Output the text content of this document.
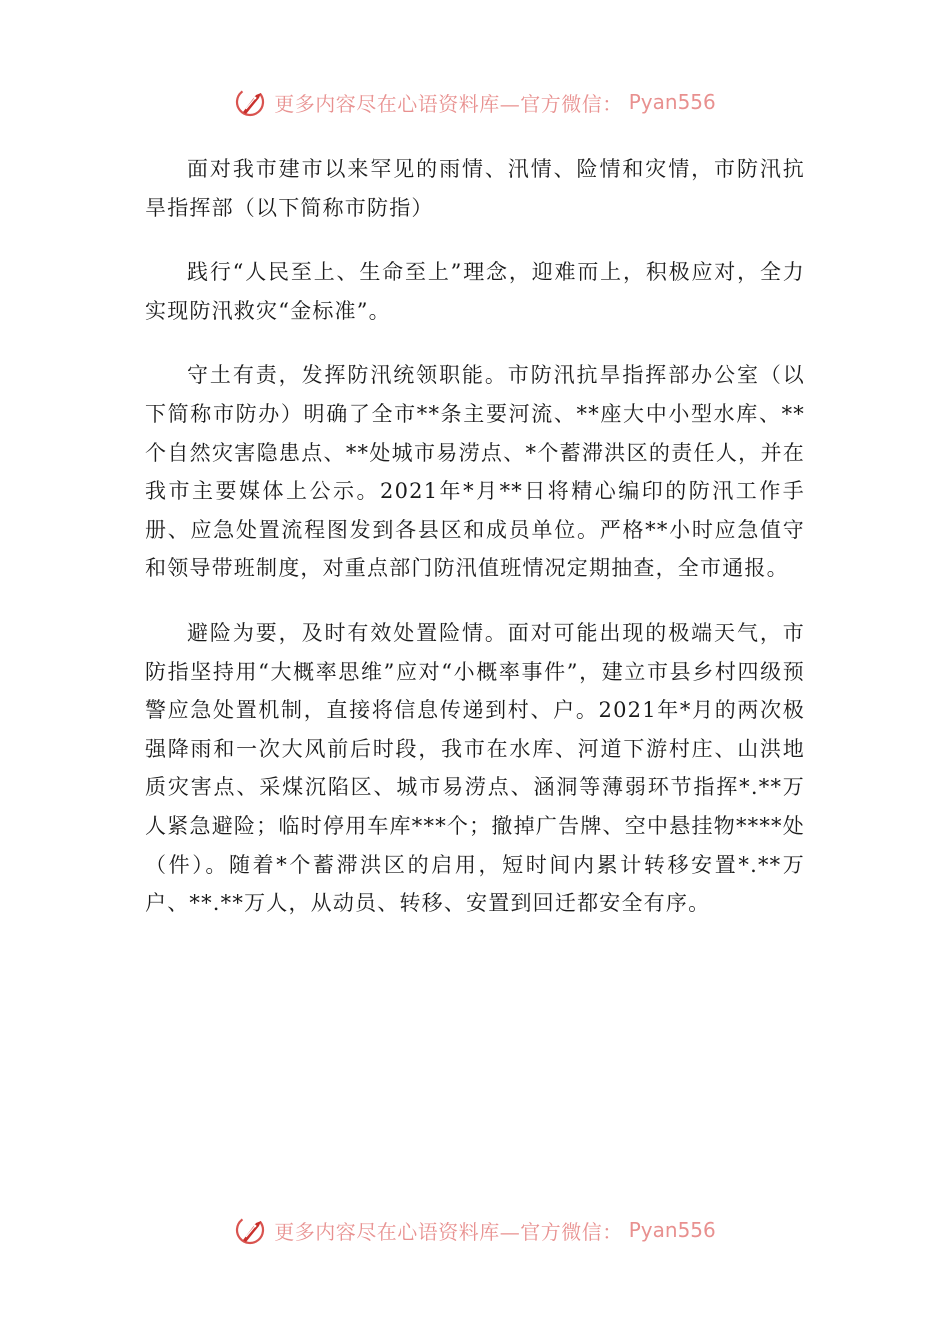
更多内容尽在心语资料库—官方微信： Pyan556

面对我市建市以来罕见的雨情、汛情、险情和灾情，市防汛抗旱指挥部（以下简称市防指）

践行“人民至上、生命至上”理念，迎难而上，积极应对，全力实现防汛救灾“金标准”。

守土有责，发挥防汛统领职能。市防汛抗旱指挥部办公室（以下简称市防办）明确了全市**条主要河流、**座大中小型水库、**个自然灾害隐患点、**处城市易涝点、*个蓄滞洪区的责任人，并在我市主要媒体上公示。2021年*月**日将精心编印的防汛工作手册、应急处置流程图发到各县区和成员单位。严格**小时应急值守和领导带班制度，对重点部门防汛值班情况定期抽查，全市通报。

避险为要，及时有效处置险情。面对可能出现的极端天气，市防指坚持用“大概率思维”应对“小概率事件”，建立市县乡村四级预警应急处置机制，直接将信息传递到村、户。2021年*月的两次极强降雨和一次大风前后时段，我市在水库、河道下游村庄、山洪地质灾害点、采煤沉陷区、城市易涝点、涵洞等薄弱环节指挥*.**万人紧急避险；临时停用车库***个；撤掉广告牌、空中悬挂物****处（件）。随着*个蓄滞洪区的启用，短时间内累计转移安置*.**万户、**.**万人，从动员、转移、安置到回迁都安全有序。

更多内容尽在心语资料库—官方微信： Pyan556
